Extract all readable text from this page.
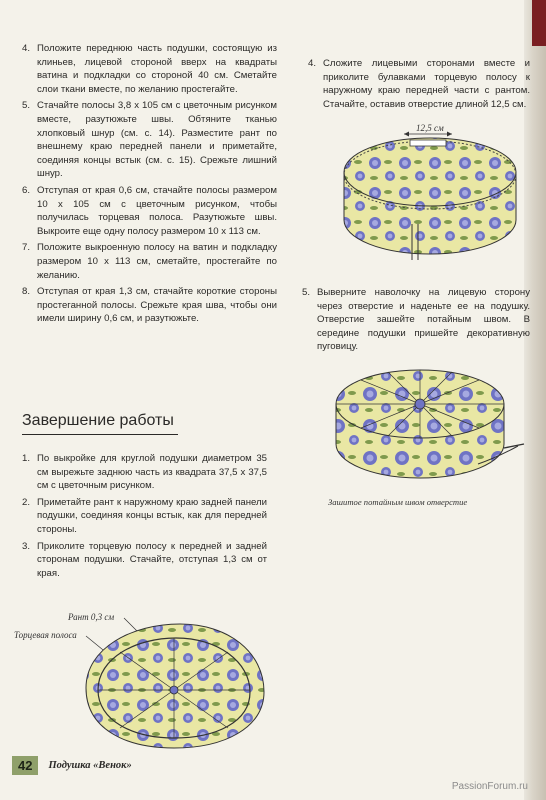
4. Положите переднюю часть подушки, состоящую из клиньев, лицевой стороной вверх на квадраты ватина и подкладки со стороной 40 см. Сметайте слои ткани вместе, по желанию простегайте.
5. Стачайте полосы 3,8 х 105 см с цветочным рисунком вместе, разутюжьте швы. Обтяните тканью хлопковый шнур (см. с. 14). Разместите рант по внешнему краю передней панели и приметайте, соединяя концы встык (см. с. 15). Срежьте лишний шнур.
6. Отступая от края 0,6 см, стачайте полосы размером 10 х 105 см с цветочным рисунком, чтобы получилась торцевая полоса. Разутюжьте швы. Выкроите еще одну полосу размером 10 х 113 см.
7. Положите выкроенную полосу на ватин и подкладку размером 10 х 113 см, сметайте, простегайте по желанию.
8. Отступая от края 1,3 см, стачайте короткие стороны простеганной полосы. Срежьте края шва, чтобы они имели ширину 0,6 см, и разутюжьте.
Завершение работы
1. По выкройке для круглой подушки диаметром 35 см вырежьте заднюю часть из квадрата 37,5 х 37,5 см с цветочным рисунком.
2. Приметайте рант к наружному краю задней панели подушки, соединяя концы встык, как для передней стороны.
3. Приколите торцевую полосу к передней и задней сторонам подушки. Стачайте, отступая 1,3 см от края.
4. Сложите лицевыми сторонами вместе и приколите булавками торцевую полосу к наружному краю передней части с рантом. Стачайте, оставив отверстие длиной 12,5 см.
5. Выверните наволочку на лицевую сторону через отверстие и наденьте ее на подушку. Отверстие зашейте потайным швом. В середине подушки пришейте декоративную пуговицу.
12,5 см
Зашитое потайным швом отверстие
Рант 0,3 см
Торцевая полоса
42	Подушка «Венок»
PassionForum.ru
